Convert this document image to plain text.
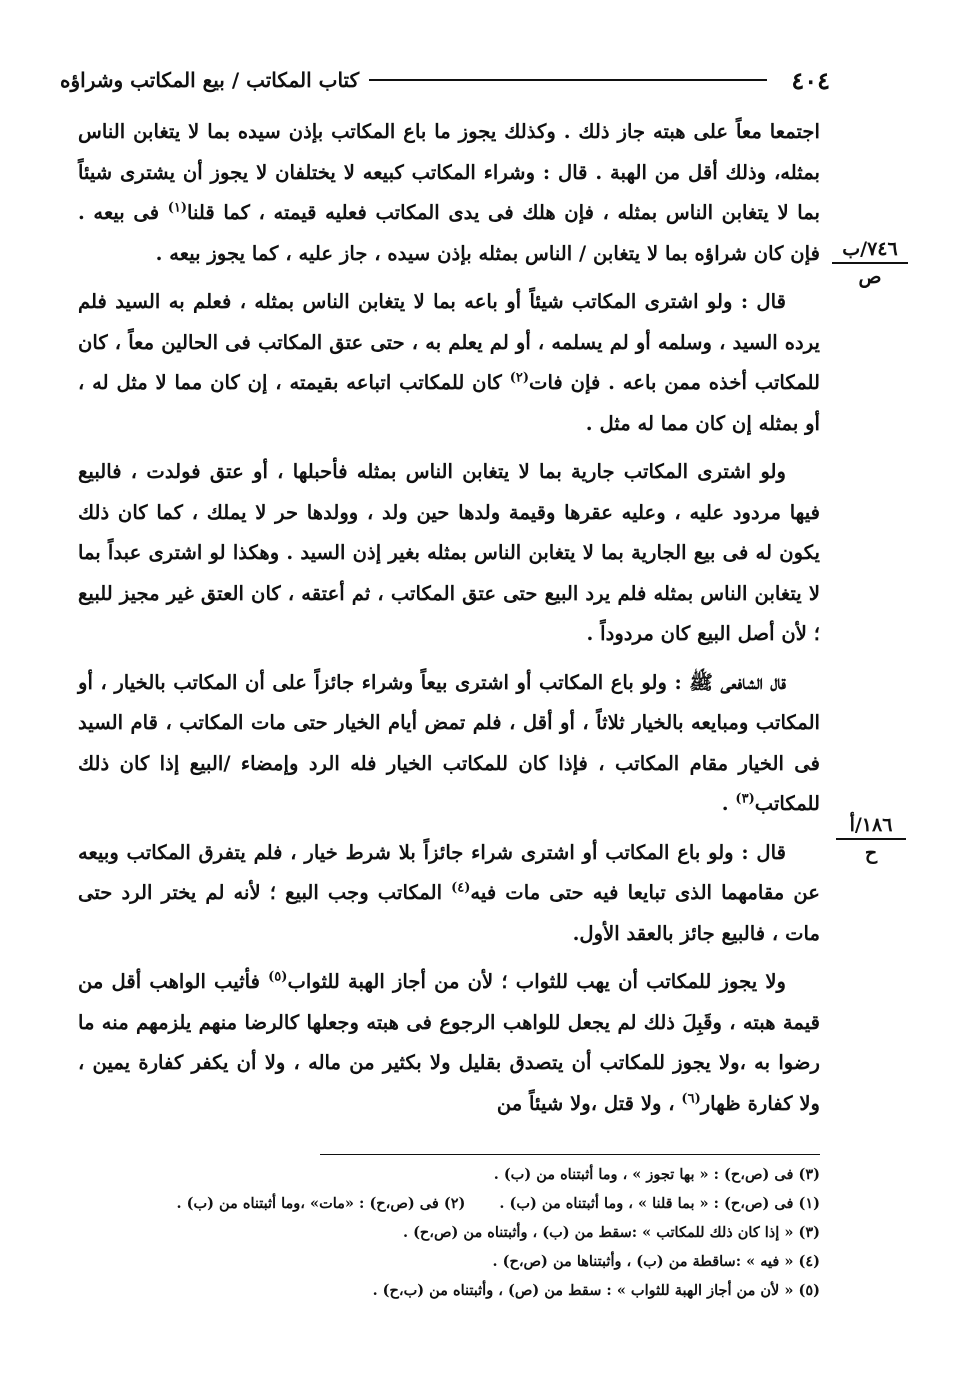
٤٠٤
كتاب المكاتب / بيع المكاتب وشراؤه
٧٤٦/ب
ص
١٨٦/أ
ح

اجتمعا معاً على هبته جاز ذلك . وكذلك يجوز ما باع المكاتب بإذن سيده بما لا يتغابن الناس بمثله، وذلك أقل من الهبة . قال : وشراء المكاتب كبيعه لا يختلفان لا يجوز أن يشترى شيئاً بما لا يتغابن الناس بمثله ، فإن هلك فى يدى المكاتب فعليه قيمته ، كما قلنا$^{(١)}$ فى بيعه . فإن كان شراؤه بما لا يتغابن / الناس بمثله بإذن سيده ، جاز عليه ، كما يجوز بيعه .

قال : ولو اشترى المكاتب شيئاً أو باعه بما لا يتغابن الناس بمثله ، فعلم به السيد فلم يرده السيد ، وسلمه أو لم يسلمه ، أو لم يعلم به ، حتى عتق المكاتب فى الحالين معاً ، كان للمكاتب أخذه ممن باعه . فإن فات$^{(٢)}$ كان للمكاتب اتباعه بقيمته ، إن كان مما لا مثل له ، أو بمثله إن كان مما له مثل .

ولو اشترى المكاتب جارية بما لا يتغابن الناس بمثله فأحبلها ، أو عتق فولدت ، فالبيع فيها مردود عليه ، وعليه عقرها وقيمة ولدها حين ولد ، وولدها حر لا يملك ، كما كان ذلك يكون له فى بيع الجارية بما لا يتغابن الناس بمثله بغير إذن السيد . وهكذا لو اشترى عبداً بما لا يتغابن الناس بمثله فلم يرد البيع حتى عتق المكاتب ، ثم أعتقه ، كان العتق غير مجيز للبيع ؛ لأن أصل البيع كان مردوداً .

قال الشافعى ﷺ : ولو باع المكاتب أو اشترى بيعاً وشراء جائزاً على أن المكاتب بالخيار ، أو المكاتب ومبايعه بالخيار ثلاثاً ، أو أقل ، فلم تمض أيام الخيار حتى مات المكاتب ، قام السيد فى الخيار مقام المكاتب ، فإذا كان للمكاتب الخيار فله الرد وإمضاء /البيع إذا كان ذلك للمكاتب$^{(٣)}$ .

قال : ولو باع المكاتب أو اشترى شراء جائزاً بلا شرط خيار ، فلم يتفرق المكاتب وبيعه عن مقامهما الذى تبايعا فيه حتى مات فيه$^{(٤)}$ المكاتب وجب البيع ؛ لأنه لم يختر الرد حتى مات ، فالبيع جائز بالعقد الأول.

ولا يجوز للمكاتب أن يهب للثواب ؛ لأن من أجاز الهبة للثواب$^{(٥)}$ فأثيب الواهب أقل من قيمة هبته ، وقَبِلَ ذلك لم يجعل للواهب الرجوع فى هبته وجعلها كالرضا منهم يلزمهم منه ما رضوا به ،ولا يجوز للمكاتب أن يتصدق بقليل ولا بكثير من ماله ، ولا أن يكفر كفارة يمين ، ولا كفارة ظهار$^{(٦)}$ ، ولا قتل ،ولا شيئاً من

(٣) فى (ص،ح) : « بها تجوز » ، وما أثبتناه من (ب) .
(١) فى (ص،ح) : « بما قلنا » ، وما أثبتناه من (ب) .(٢) فى (ص،ح) : «مات» ،وما أثبتناه من (ب) .
(٣) « إذا كان ذلك للمكاتب » :سقط من (ب) ، وأثبتناه من (ص،ح) .
(٤) « فيه » :ساقطة من (ب) ، وأثبتناها من (ص،ح) .
(٥) « لأن من أجاز الهبة للثواب » : سقط من (ص) ، وأثبتناه من (ب،ح) .
